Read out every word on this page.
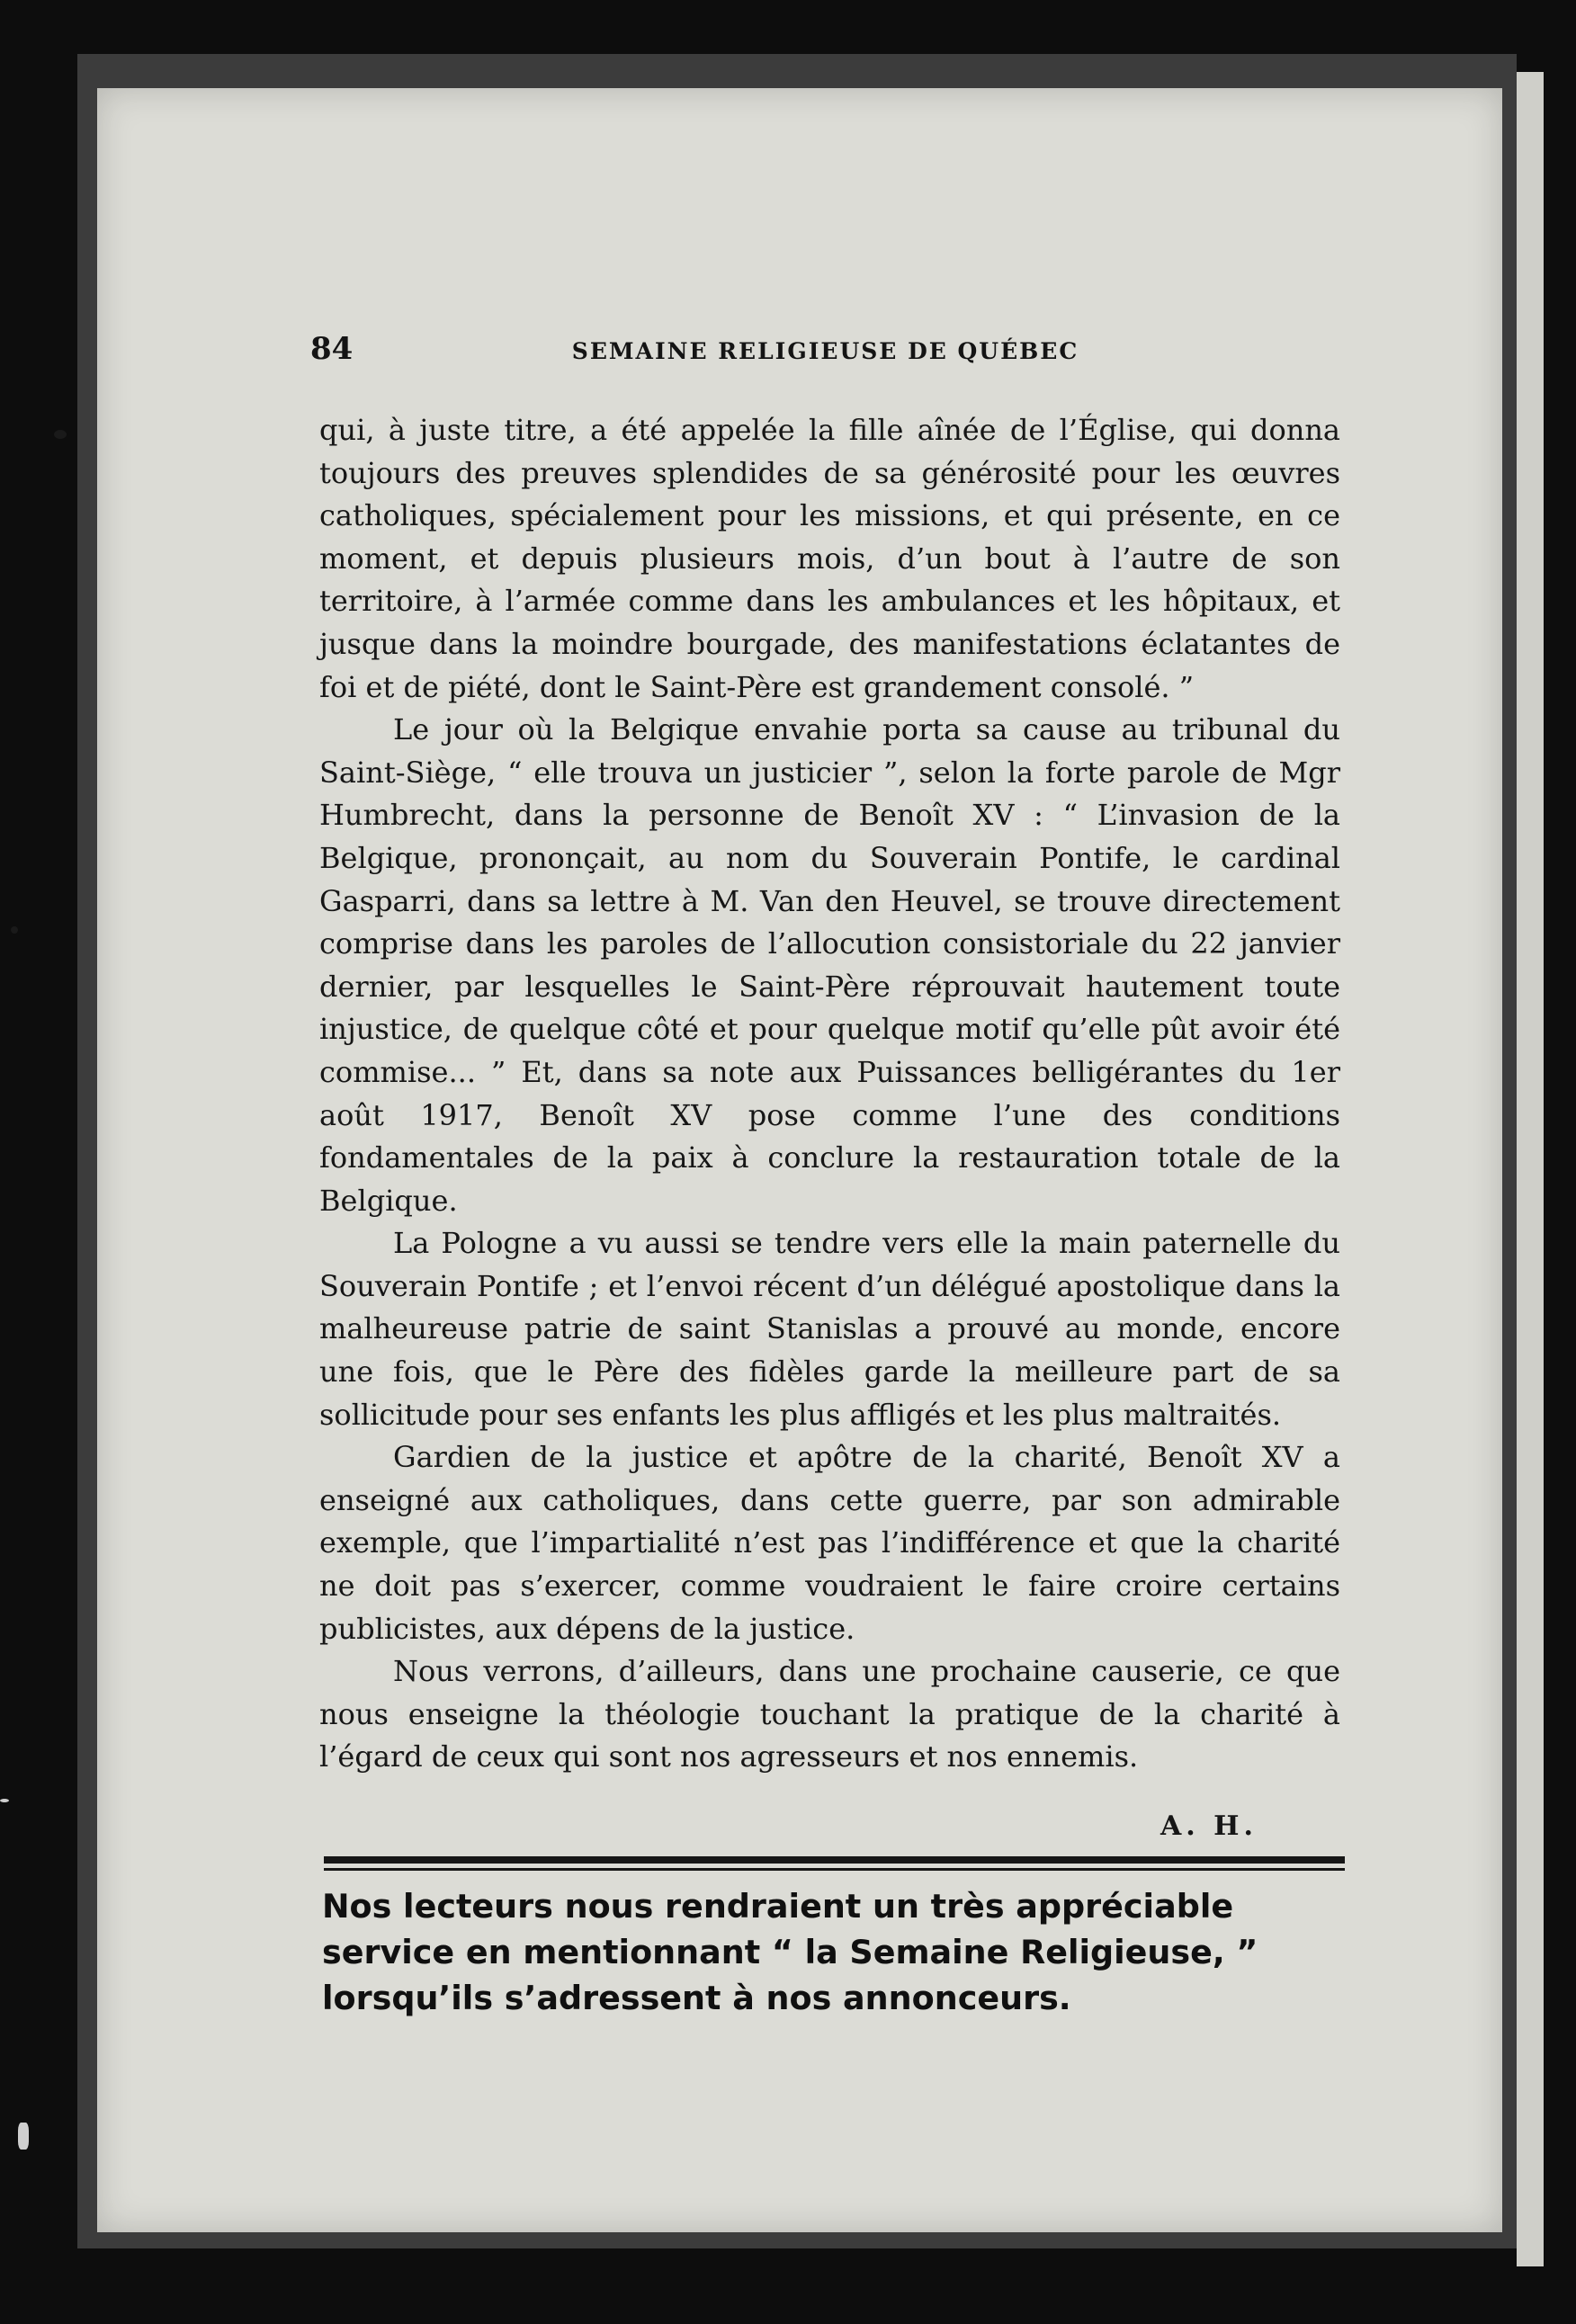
84	SEMAINE RELIGIEUSE DE QUÉBEC

qui, à juste titre, a été appelée la fille aînée de l’Église, qui donna toujours des preuves splendides de sa générosité pour les œuvres catholiques, spécialement pour les missions, et qui présente, en ce moment, et depuis plusieurs mois, d’un bout à l’autre de son territoire, à l’armée comme dans les ambulances et les hôpitaux, et jusque dans la moindre bourgade, des manifestations éclatantes de foi et de piété, dont le Saint-Père est grandement consolé. ”

Le jour où la Belgique envahie porta sa cause au tribunal du Saint-Siège, “ elle trouva un justicier ”, selon la forte parole de Mgr Humbrecht, dans la personne de Benoît XV : “ L’invasion de la Belgique, prononçait, au nom du Souverain Pontife, le cardinal Gasparri, dans sa lettre à M. Van den Heuvel, se trouve directement comprise dans les paroles de l’allocution consistoriale du 22 janvier dernier, par lesquelles le Saint-Père réprouvait hautement toute injustice, de quelque côté et pour quelque motif qu’elle pût avoir été commise... ” Et, dans sa note aux Puissances belligérantes du 1er août 1917, Benoît XV pose comme l’une des conditions fondamentales de la paix à conclure la restauration totale de la Belgique.

La Pologne a vu aussi se tendre vers elle la main paternelle du Souverain Pontife ; et l’envoi récent d’un délégué apostolique dans la malheureuse patrie de saint Stanislas a prouvé au monde, encore une fois, que le Père des fidèles garde la meilleure part de sa sollicitude pour ses enfants les plus affligés et les plus maltraités.

Gardien de la justice et apôtre de la charité, Benoît XV a enseigné aux catholiques, dans cette guerre, par son admirable exemple, que l’impartialité n’est pas l’indifférence et que la charité ne doit pas s’exercer, comme voudraient le faire croire certains publicistes, aux dépens de la justice.

Nous verrons, d’ailleurs, dans une prochaine causerie, ce que nous enseigne la théologie touchant la pratique de la charité à l’égard de ceux qui sont nos agresseurs et nos ennemis.

A. H.
Nos lecteurs nous rendraient un très appréciable
service en mentionnant “ la Semaine Religieuse, ”
lorsqu’ils s’adressent à nos annonceurs.
